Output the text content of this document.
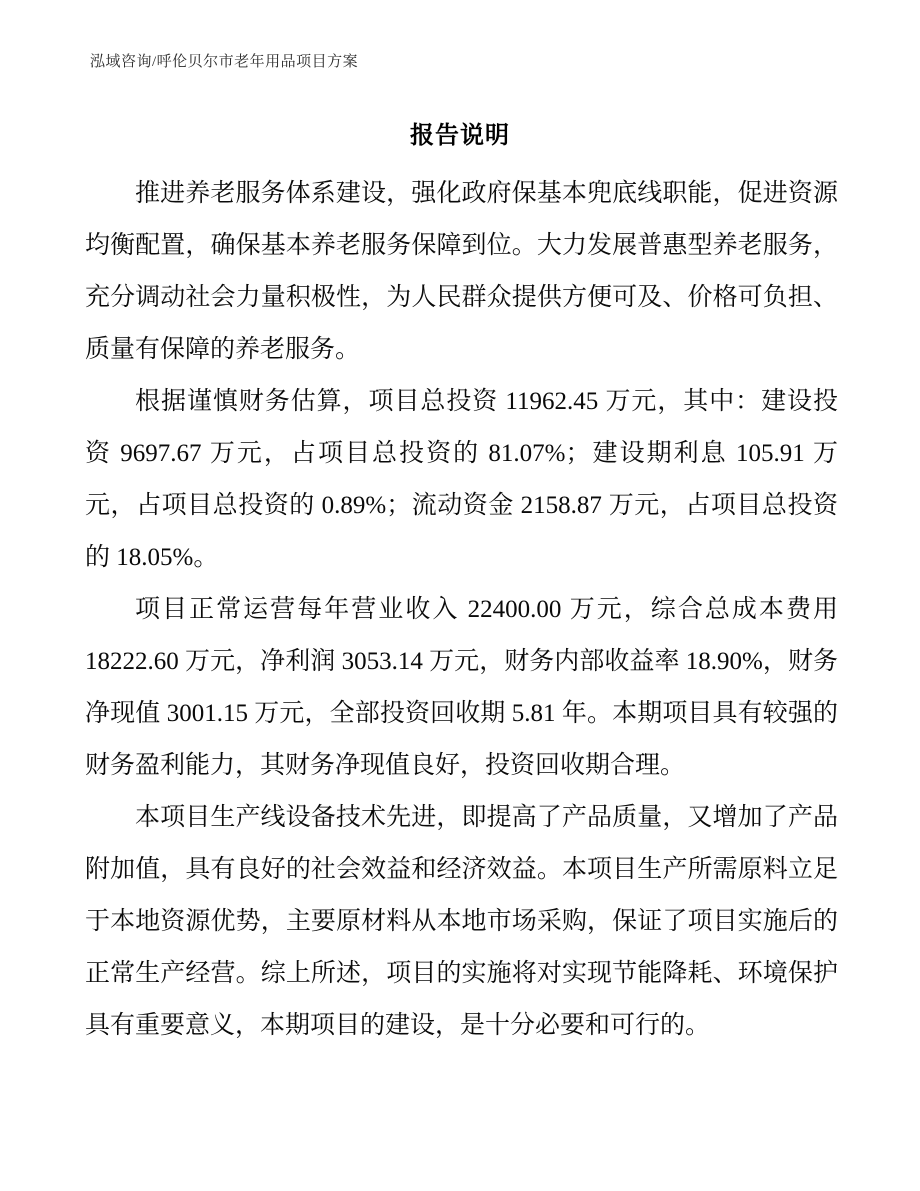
泓域咨询/呼伦贝尔市老年用品项目方案
报告说明

推进养老服务体系建设，强化政府保基本兜底线职能，促进资源均衡配置，确保基本养老服务保障到位。大力发展普惠型养老服务，充分调动社会力量积极性，为人民群众提供方便可及、价格可负担、质量有保障的养老服务。

根据谨慎财务估算，项目总投资 11962.45 万元，其中：建设投资 9697.67 万元，占项目总投资的 81.07%；建设期利息 105.91 万元，占项目总投资的 0.89%；流动资金 2158.87 万元，占项目总投资的 18.05%。

项目正常运营每年营业收入 22400.00 万元，综合总成本费用 18222.60 万元，净利润 3053.14 万元，财务内部收益率 18.90%，财务净现值 3001.15 万元，全部投资回收期 5.81 年。本期项目具有较强的财务盈利能力，其财务净现值良好，投资回收期合理。

本项目生产线设备技术先进，即提高了产品质量，又增加了产品附加值，具有良好的社会效益和经济效益。本项目生产所需原料立足于本地资源优势，主要原材料从本地市场采购，保证了项目实施后的正常生产经营。综上所述，项目的实施将对实现节能降耗、环境保护具有重要意义，本期项目的建设，是十分必要和可行的。
